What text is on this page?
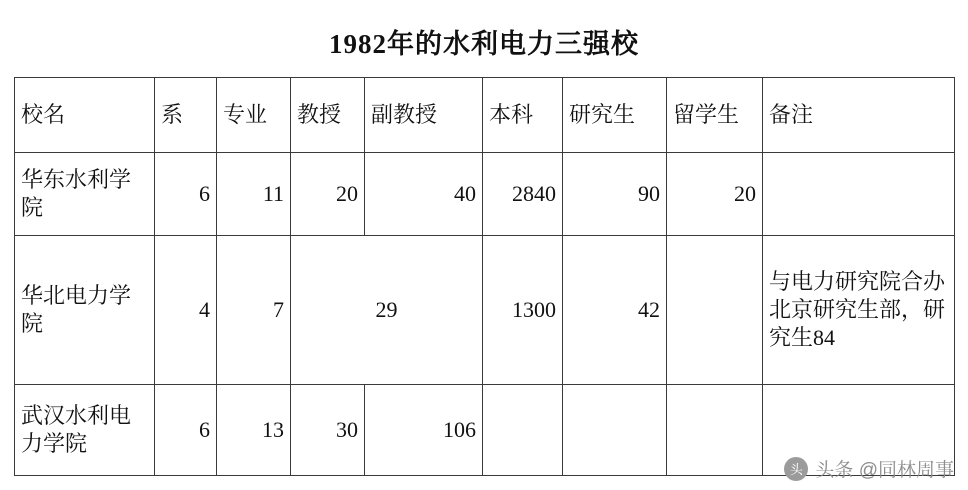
1982年的水利电力三强校
校名	系	专业	教授	副教授	本科	研究生	留学生	备注
华东水利学院	6	11	20	40	2840	90	20	
华北电力学院	4	7	29		1300	42		与电力研究院合办北京研究生部，研究生84
武汉水利电力学院	6	13	30	106				
头 头条 @同林周事
